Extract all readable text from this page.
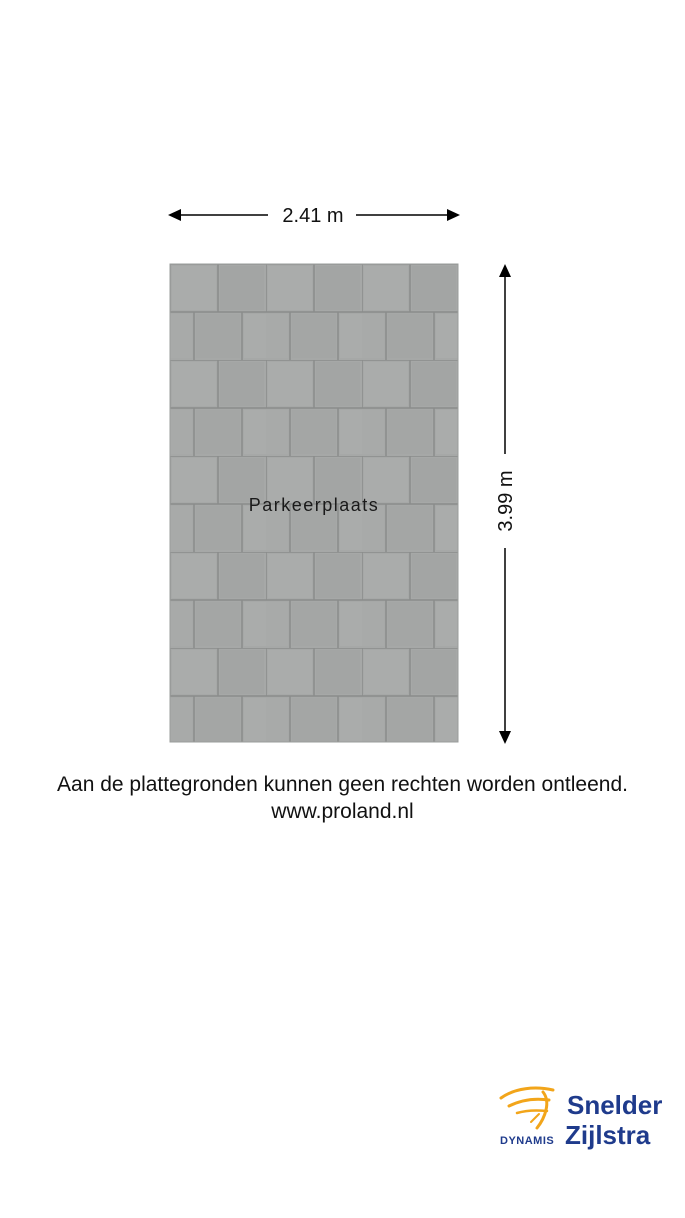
Parkeerplaats
2.41 m
3.99 m
Aan de plattegronden kunnen geen rechten worden ontleend.
www.proland.nl
Snelder
DYNAMIS Zijlstra
